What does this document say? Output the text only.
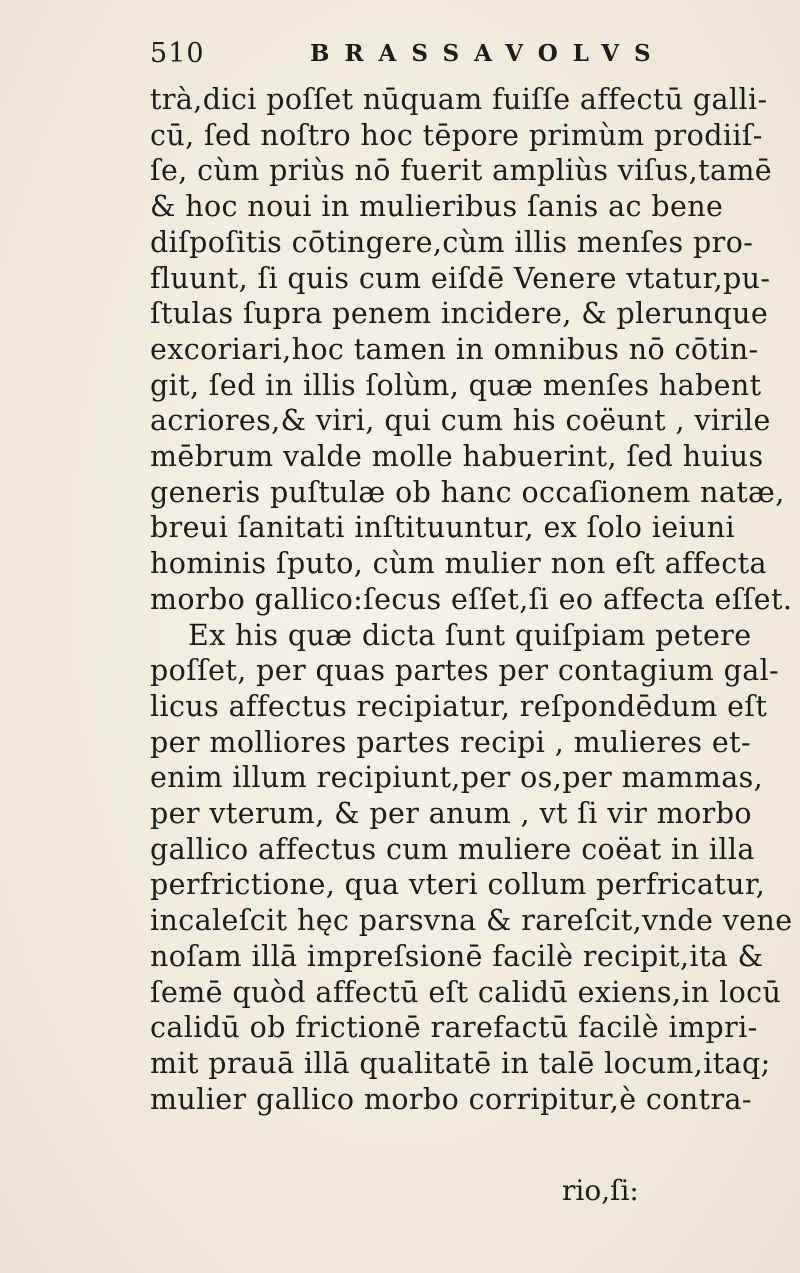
510	BRASSAVOLVS
trà,dici poſſet nūquam fuiſſe affectū galli-
cū, ſed noſtro hoc tēpore primùm prodiiſ-
ſe, cùm priùs nō fuerit ampliùs viſus,tamē
& hoc noui in mulieribus ſanis ac bene
diſpoſitis cōtingere,cùm illis menſes pro-
fluunt, ſi quis cum eiſdē Venere vtatur,pu-
ſtulas ſupra penem incidere, & plerunque
excoriari,hoc tamen in omnibus nō cōtin-
git, ſed in illis ſolùm, quæ menſes habent
acriores,& viri, qui cum his coëunt , virile
mēbrum valde molle habuerint, ſed huius
generis puſtulæ ob hanc occaſionem natæ,
breui ſanitati inſtituuntur, ex ſolo ieiuni
hominis ſputo, cùm mulier non eſt affecta
morbo gallico:ſecus eſſet,ſi eo affecta eſſet.
Ex his quæ dicta ſunt quiſpiam petere
poſſet, per quas partes per contagium gal-
licus affectus recipiatur, reſpondēdum eſt
per molliores partes recipi , mulieres et-
enim illum recipiunt,per os,per mammas,
per vterum, & per anum , vt ſi vir morbo
gallico affectus cum muliere coëat in illa
perfrictione, qua vteri collum perfricatur,
incaleſcit hęc parsvna & rareſcit,vnde vene
noſam illā impreſsionē facilè recipit,ita &
ſemē quòd affectū eſt calidū exiens,in locū
calidū ob frictionē rarefactū facilè impri-
mit prauā illā qualitatē in talē locum,itaq;
mulier gallico morbo corripitur,è contra-
rio,ſi:
